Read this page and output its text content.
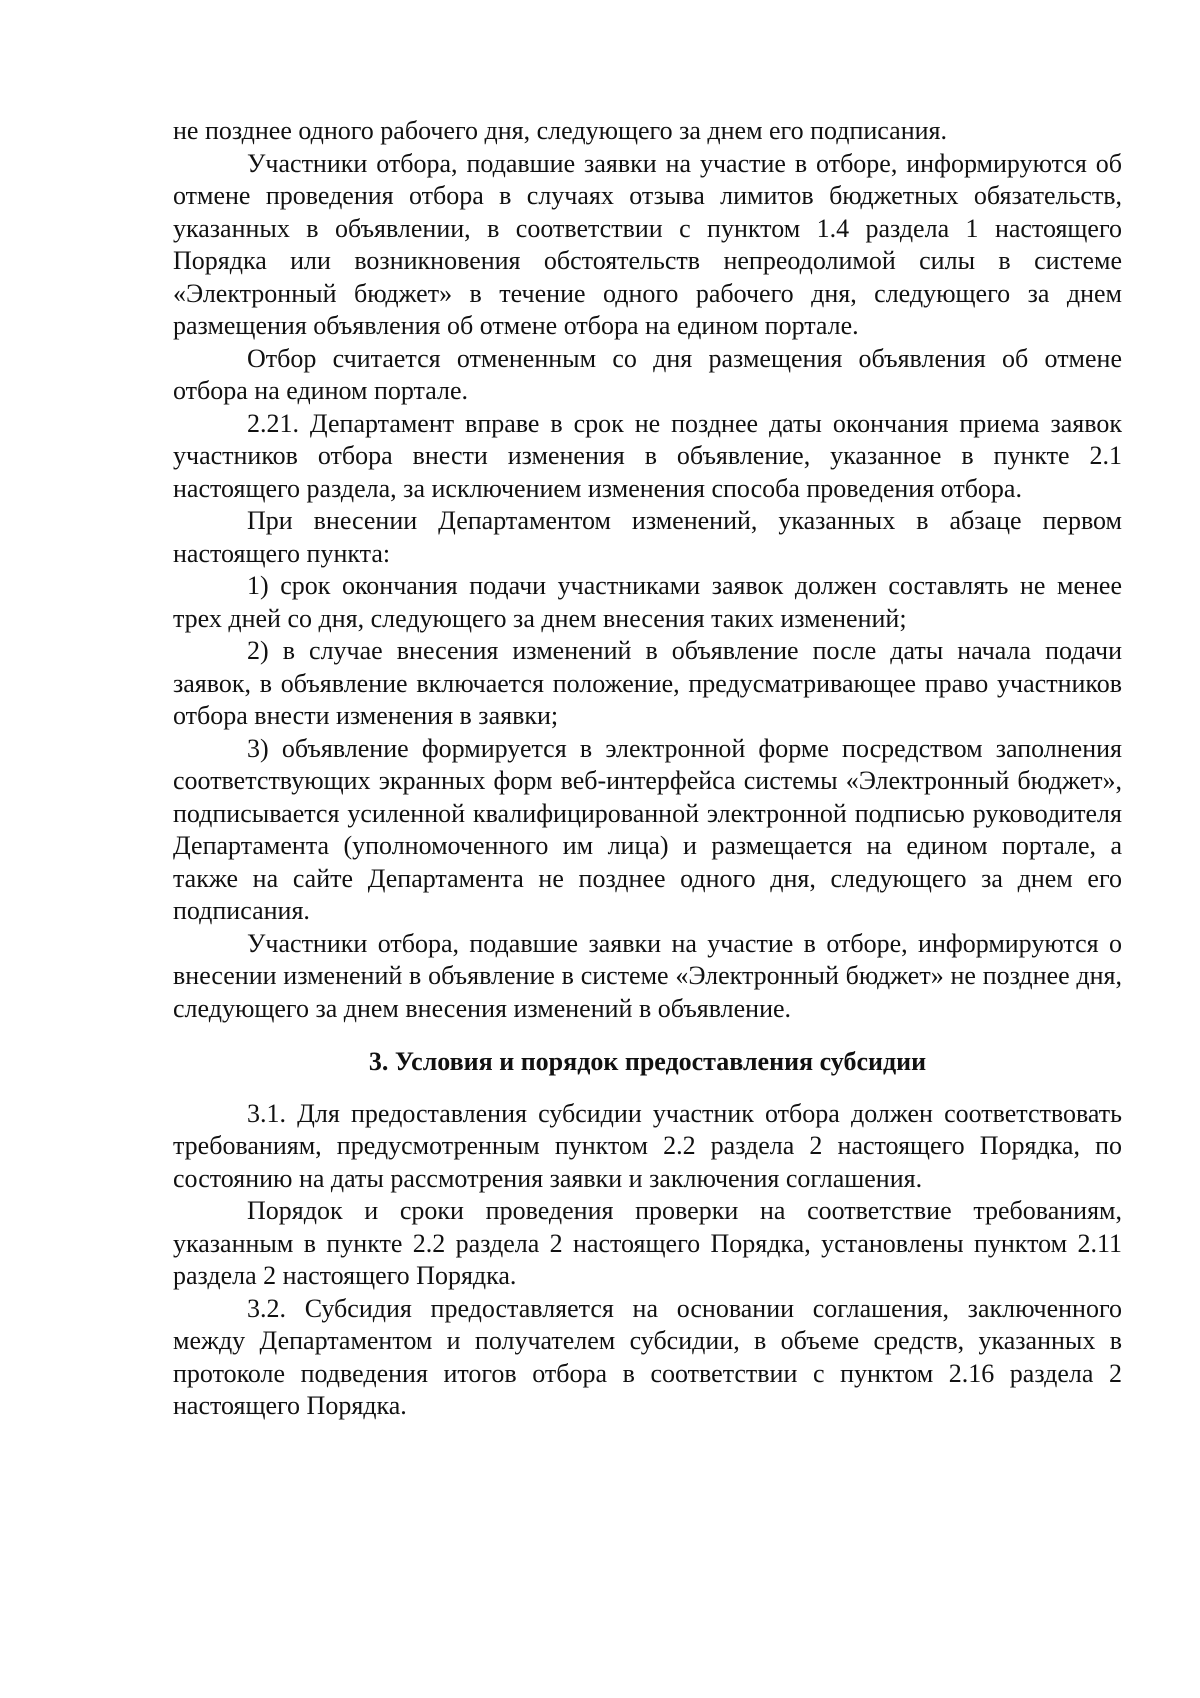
не позднее одного рабочего дня, следующего за днем его подписания.

Участники отбора, подавшие заявки на участие в отборе, информируются об отмене проведения отбора в случаях отзыва лимитов бюджетных обязательств, указанных в объявлении, в соответствии с пунктом 1.4 раздела 1 настоящего Порядка или возникновения обстоятельств непреодолимой силы в системе «Электронный бюджет» в течение одного рабочего дня, следующего за днем размещения объявления об отмене отбора на едином портале.

Отбор считается отмененным со дня размещения объявления об отмене отбора на едином портале.

2.21. Департамент вправе в срок не позднее даты окончания приема заявок участников отбора внести изменения в объявление, указанное в пункте 2.1 настоящего раздела, за исключением изменения способа проведения отбора.

При внесении Департаментом изменений, указанных в абзаце первом настоящего пункта:

1) срок окончания подачи участниками заявок должен составлять не менее трех дней со дня, следующего за днем внесения таких изменений;

2) в случае внесения изменений в объявление после даты начала подачи заявок, в объявление включается положение, предусматривающее право участников отбора внести изменения в заявки;

3) объявление формируется в электронной форме посредством заполнения соответствующих экранных форм веб-интерфейса системы «Электронный бюджет», подписывается усиленной квалифицированной электронной подписью руководителя Департамента (уполномоченного им лица) и размещается на едином портале, а также на сайте Департамента не позднее одного дня, следующего за днем его подписания.

Участники отбора, подавшие заявки на участие в отборе, информируются о внесении изменений в объявление в системе «Электронный бюджет» не позднее дня, следующего за днем внесения изменений в объявление.

3. Условия и порядок предоставления субсидии

3.1. Для предоставления субсидии участник отбора должен соответствовать требованиям, предусмотренным пунктом 2.2 раздела 2 настоящего Порядка, по состоянию на даты рассмотрения заявки и заключения соглашения.

Порядок и сроки проведения проверки на соответствие требованиям, указанным в пункте 2.2 раздела 2 настоящего Порядка, установлены пунктом 2.11 раздела 2 настоящего Порядка.

3.2. Субсидия предоставляется на основании соглашения, заключенного между Департаментом и получателем субсидии, в объеме средств, указанных в протоколе подведения итогов отбора в соответствии с пунктом 2.16 раздела 2 настоящего Порядка.
